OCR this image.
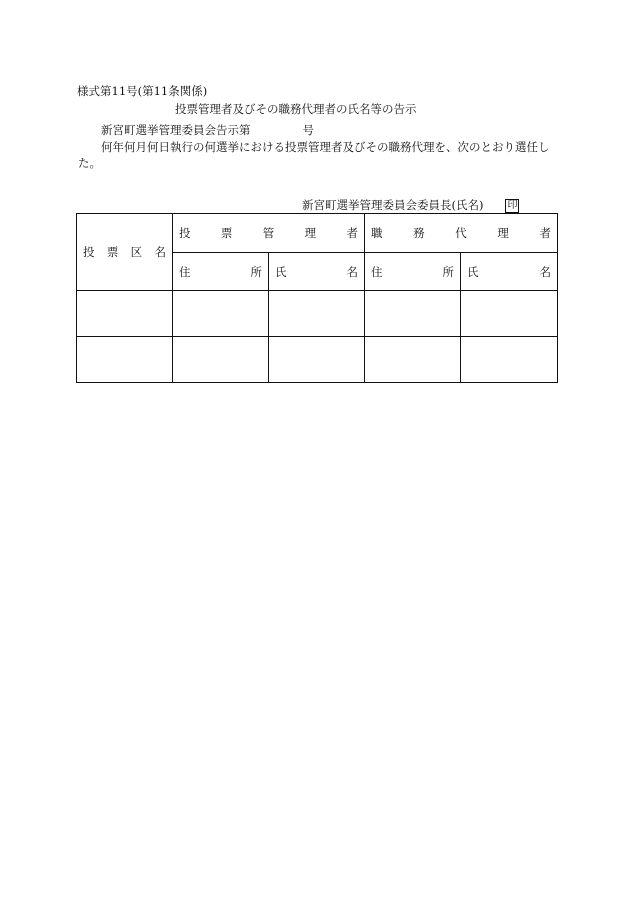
様式第11号(第11条関係)
投票管理者及びその職務代理者の氏名等の告示
新宮町選挙管理委員会告示第	号
何年何月何日執行の何選挙における投票管理者及びその職務代理を、次のとおり選任した。
新宮町選挙管理委員会委員長(氏名) 印
投 票 区 名	投 票 管 理 者		職 務 代 理 者	

	住 所	氏 名	住 所	氏 名
